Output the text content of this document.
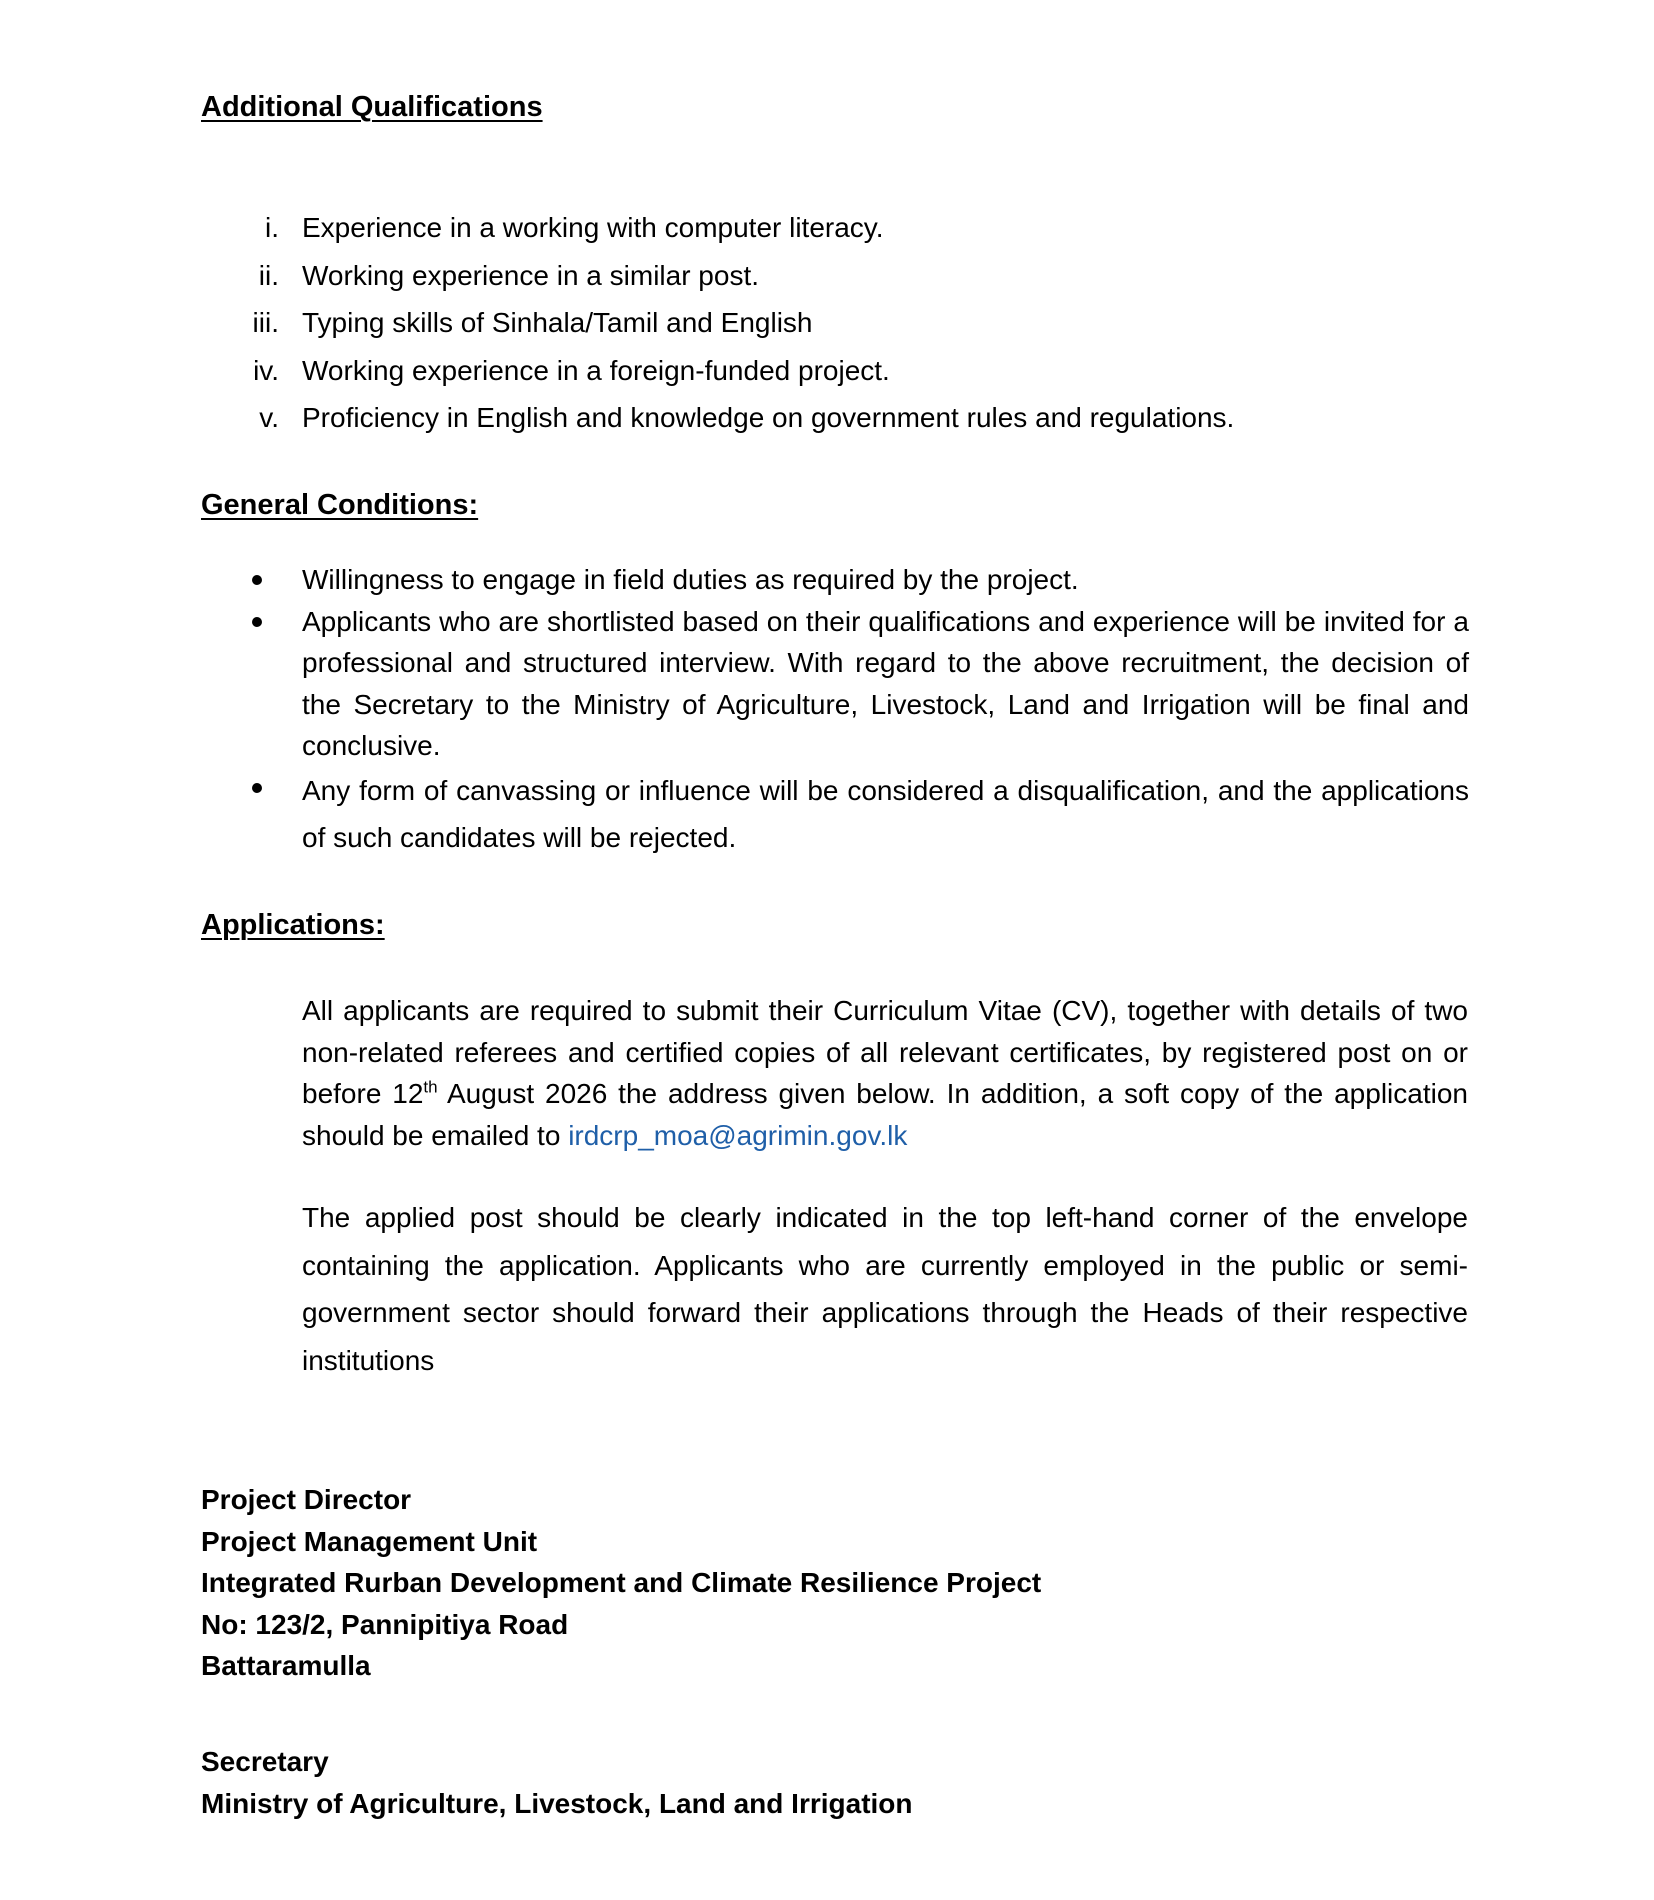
Additional Qualifications
i. Experience in a working with computer literacy.
ii. Working experience in a similar post.
iii. Typing skills of Sinhala/Tamil and English
iv. Working experience in a foreign-funded project.
v. Proficiency in English and knowledge on government rules and regulations.
General Conditions:
Willingness to engage in field duties as required by the project.
Applicants who are shortlisted based on their qualifications and experience will be invited for a professional and structured interview. With regard to the above recruitment, the decision of the Secretary to the Ministry of Agriculture, Livestock, Land and Irrigation will be final and conclusive.
Any form of canvassing or influence will be considered a disqualification, and the applications of such candidates will be rejected.
Applications:

All applicants are required to submit their Curriculum Vitae (CV), together with details of two non-related referees and certified copies of all relevant certificates, by registered post on or before 12th August 2026 the address given below. In addition, a soft copy of the application should be emailed to irdcrp_moa@agrimin.gov.lk

The applied post should be clearly indicated in the top left-hand corner of the envelope containing the application. Applicants who are currently employed in the public or semi-government sector should forward their applications through the Heads of their respective institutions

Project Director
Project Management Unit
Integrated Rurban Development and Climate Resilience Project
No: 123/2, Pannipitiya Road
Battaramulla
Secretary
Ministry of Agriculture, Livestock, Land and Irrigation
